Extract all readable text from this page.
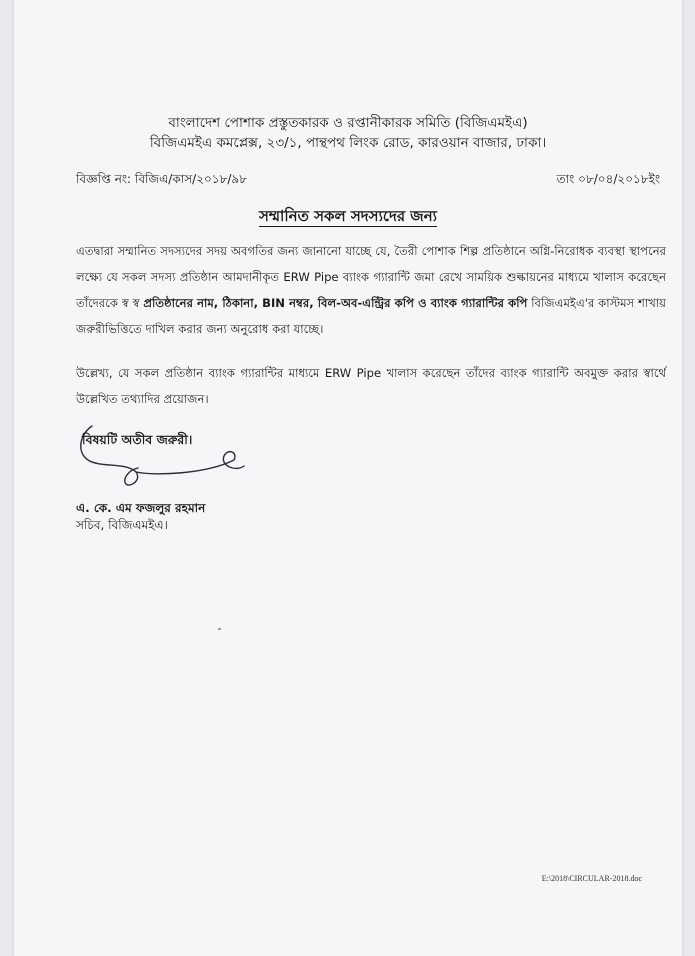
বাংলাদেশ পোশাক প্রস্তুতকারক ও রপ্তানীকারক সমিতি (বিজিএমইএ)

বিজিএমইএ কমপ্লেক্স, ২৩/১, পান্থপথ লিংক রোড, কারওয়ান বাজার, ঢাকা।

বিজ্ঞপ্তি নং: বিজিএ/কাস/২০১৮/৯৮	তাং ০৮/০৪/২০১৮ইং

সম্মানিত সকল সদস্যদের জন্য

এতদ্বারা সম্মানিত সদস্যদের সদয় অবগতির জন্য জানানো যাচ্ছে যে, তৈরী পোশাক শিল্প প্রতিষ্ঠানে অগ্নি-নিরোধক ব্যবস্থা স্থাপনের লক্ষ্যে যে সকল সদস্য প্রতিষ্ঠান আমদানীকৃত ERW Pipe ব্যাংক গ্যারান্টি জমা রেখে সাময়িক শুল্কায়নের মাধ্যমে খালাস করেছেন তাঁদেরকে স্ব স্ব প্রতিষ্ঠানের নাম, ঠিকানা, BIN নম্বর, বিল-অব-এন্ট্রির কপি ও ব্যাংক গ্যারান্টির কপি বিজিএমইএ'র কাস্টমস শাখায় জরুরীভিত্তিতে দাখিল করার জন্য অনুরোধ করা যাচ্ছে।

উল্লেখ্য, যে সকল প্রতিষ্ঠান ব্যাংক গ্যারান্টির মাধ্যমে ERW Pipe খালাস করেছেন তাঁদের ব্যাংক গ্যারান্টি অবমুক্ত করার স্বার্থে উল্লেখিত তথ্যাদির প্রয়োজন।

বিষয়টি অতীব জরুরী।

এ. কে. এম ফজলুর রহমান

সচিব, বিজিএমইএ।

E:\2018\CIRCULAR-2018.doc
